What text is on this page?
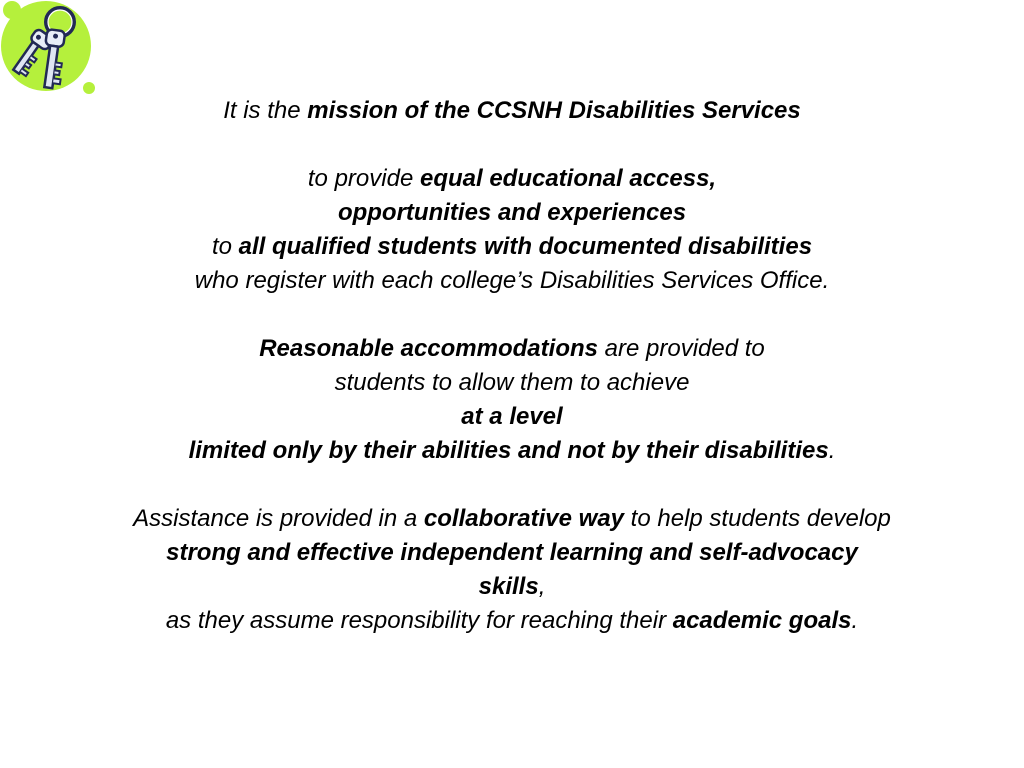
It is the mission of the CCSNH Disabilities Services
to provide equal educational access,
opportunities and experiences
to all qualified students with documented disabilities
who register with each college’s Disabilities Services Office.
Reasonable accommodations are provided to
students to allow them to achieve
at a level
limited only by their abilities and not by their disabilities.
Assistance is provided in a collaborative way to help students develop
strong and effective independent learning and self-advocacy
skills,
as they assume responsibility for reaching their academic goals.
